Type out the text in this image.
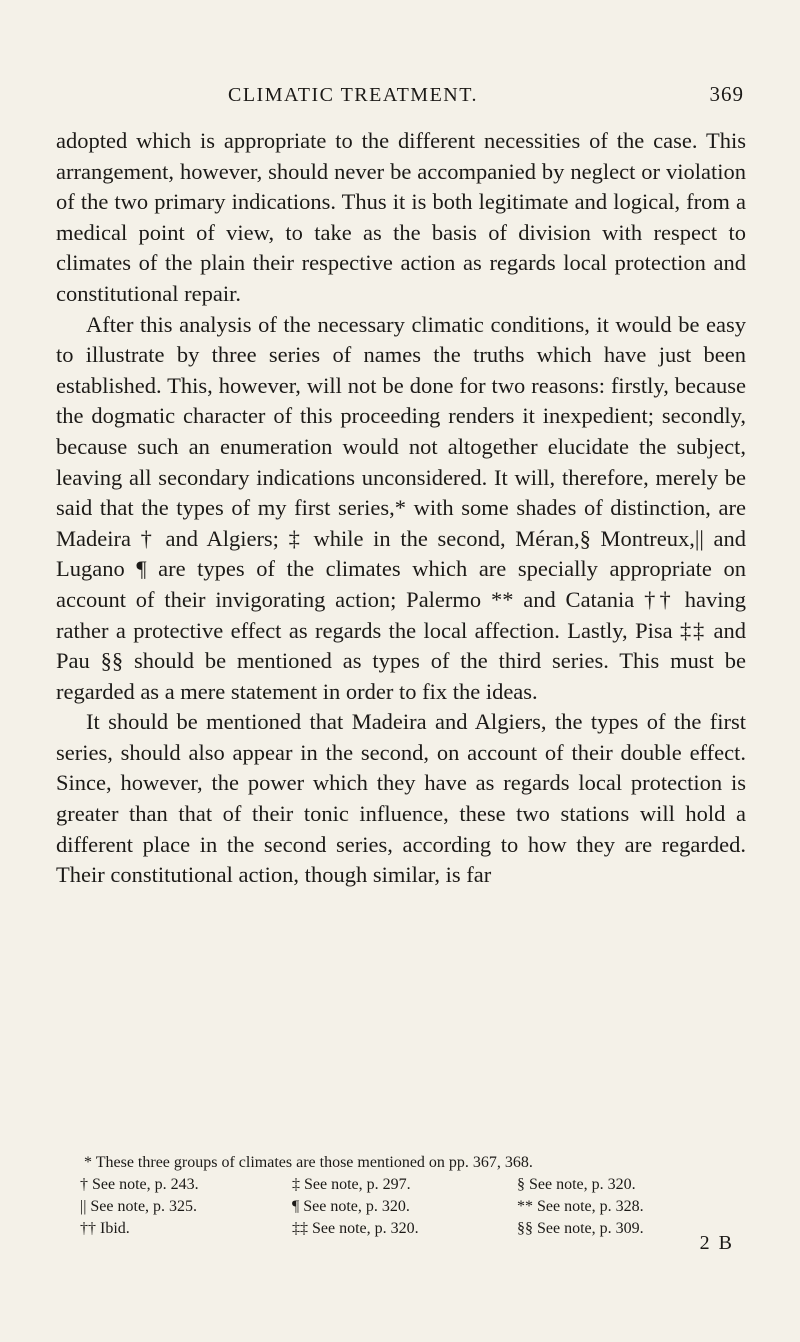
CLIMATIC TREATMENT.	369

adopted which is appropriate to the different necessities of the case. This arrangement, however, should never be accompanied by neglect or violation of the two primary indications. Thus it is both legitimate and logical, from a medical point of view, to take as the basis of division with respect to climates of the plain their respective action as regards local protection and constitutional repair.

After this analysis of the necessary climatic conditions, it would be easy to illustrate by three series of names the truths which have just been established. This, however, will not be done for two reasons: firstly, because the dogmatic character of this proceeding renders it inexpedient; secondly, because such an enumeration would not altogether elucidate the subject, leaving all secondary indications unconsidered. It will, therefore, merely be said that the types of my first series,* with some shades of distinction, are Madeira † and Algiers; ‡ while in the second, Méran,§ Montreux,|| and Lugano ¶ are types of the climates which are specially appropriate on account of their invigorating action; Palermo ** and Catania †† having rather a protective effect as regards the local affection. Lastly, Pisa ‡‡ and Pau §§ should be mentioned as types of the third series. This must be regarded as a mere statement in order to fix the ideas.

It should be mentioned that Madeira and Algiers, the types of the first series, should also appear in the second, on account of their double effect. Since, however, the power which they have as regards local protection is greater than that of their tonic influence, these two stations will hold a different place in the second series, according to how they are regarded. Their constitutional action, though similar, is far

* These three groups of climates are those mentioned on pp. 367, 368.
† See note, p. 243.	‡ See note, p. 297.	§ See note, p. 320.
|| See note, p. 325.	¶ See note, p. 320.	** See note, p. 328.
†† Ibid.	‡‡ See note, p. 320.	§§ See note, p. 309.
2 B
